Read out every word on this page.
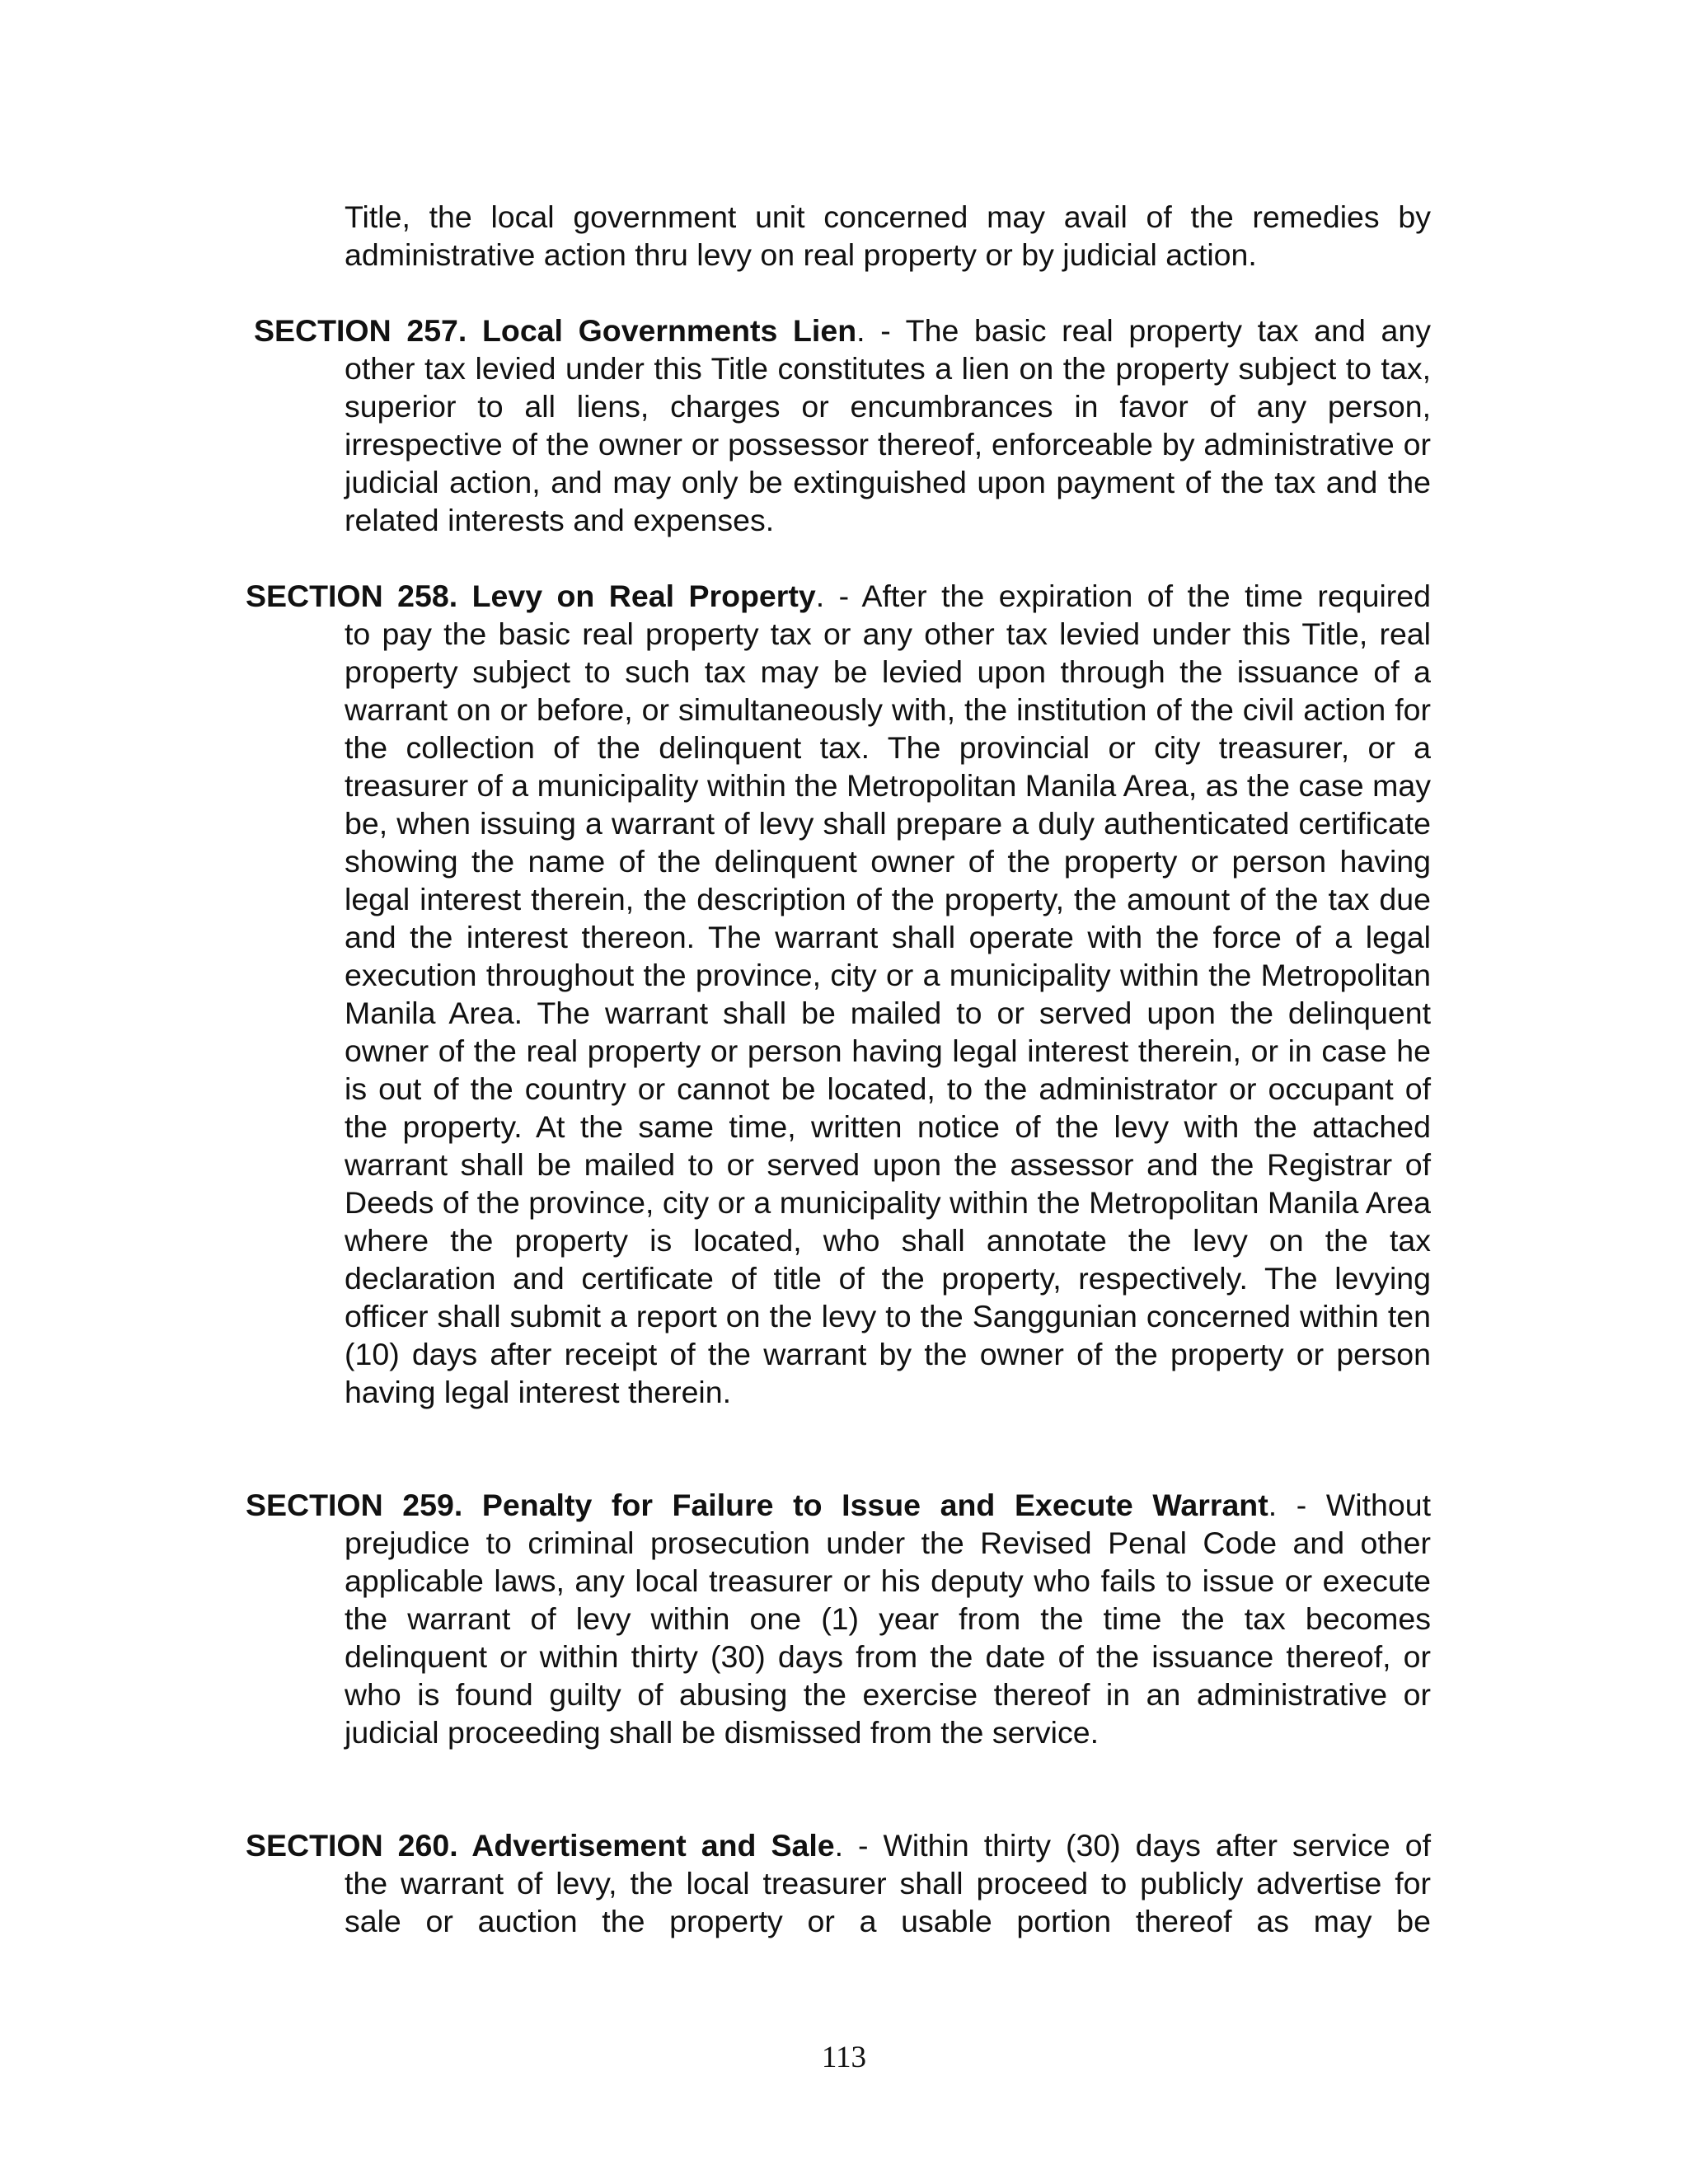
Title, the local government unit concerned may avail of the remedies by administrative action thru levy on real property or by judicial action.

SECTION 257. Local Governments Lien. - The basic real property tax and any
other tax levied under this Title constitutes a lien on the property subject to tax, superior to all liens, charges or encumbrances in favor of any person, irrespective of the owner or possessor thereof, enforceable by administrative or judicial action, and may only be extinguished upon payment of the tax and the related interests and expenses.
SECTION 258. Levy on Real Property. - After the expiration of the time required
to pay the basic real property tax or any other tax levied under this Title, real property subject to such tax may be levied upon through the issuance of a warrant on or before, or simultaneously with, the institution of the civil action for the collection of the delinquent tax. The provincial or city treasurer, or a treasurer of a municipality within the Metropolitan Manila Area, as the case may be, when issuing a warrant of levy shall prepare a duly authenticated certificate showing the name of the delinquent owner of the property or person having legal interest therein, the description of the property, the amount of the tax due and the interest thereon. The warrant shall operate with the force of a legal execution throughout the province, city or a municipality within the Metropolitan Manila Area. The warrant shall be mailed to or served upon the delinquent owner of the real property or person having legal interest therein, or in case he is out of the country or cannot be located, to the administrator or occupant of the property. At the same time, written notice of the levy with the attached warrant shall be mailed to or served upon the assessor and the Registrar of Deeds of the province, city or a municipality within the Metropolitan Manila Area where the property is located, who shall annotate the levy on the tax declaration and certificate of title of the property, respectively. The levying officer shall submit a report on the levy to the Sanggunian concerned within ten (10) days after receipt of the warrant by the owner of the property or person having legal interest therein.
SECTION 259. Penalty for Failure to Issue and Execute Warrant. - Without
prejudice to criminal prosecution under the Revised Penal Code and other applicable laws, any local treasurer or his deputy who fails to issue or execute the warrant of levy within one (1) year from the time the tax becomes delinquent or within thirty (30) days from the date of the issuance thereof, or who is found guilty of abusing the exercise thereof in an administrative or judicial proceeding shall be dismissed from the service.
SECTION 260. Advertisement and Sale. - Within thirty (30) days after service of
the warrant of levy, the local treasurer shall proceed to publicly advertise for sale or auction the property or a usable portion thereof as may be
113
